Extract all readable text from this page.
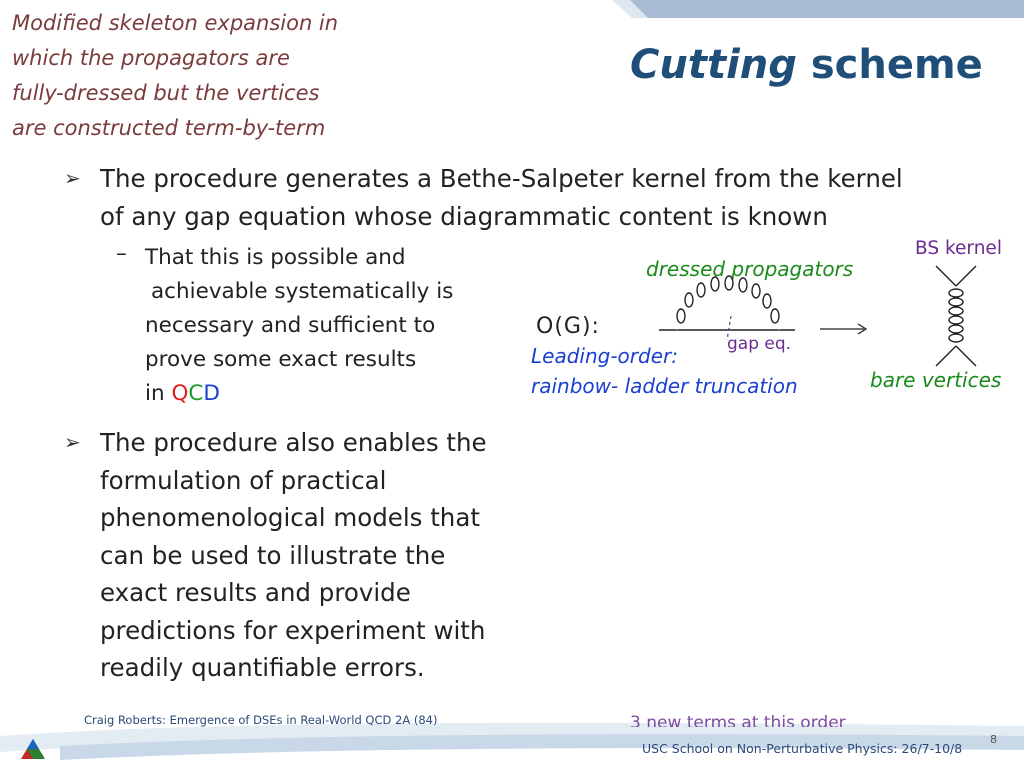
Modified skeleton expansion in
which the propagators are
fully-dressed but the vertices
are constructed term-by-term
Cutting scheme
➢ The procedure generates a Bethe-Salpeter kernel from the kernel
of any gap equation whose diagrammatic content is known
– That this is possible and
achievable systematically is
necessary and sufficient to
prove some exact results
in QCD
➢ The procedure also enables the
formulation of practical
phenomenological models that
can be used to illustrate the
exact results and provide
predictions for experiment with
readily quantifiable errors.
dressed propagators
BS kernel
O(G):
gap eq.
Leading-order:
rainbow- ladder truncation	bare vertices
3 new terms at this order
Craig Roberts: Emergence of DSEs in Real-World QCD 2A (84)
USC School on Non-Perturbative Physics: 26/7-10/8
8
